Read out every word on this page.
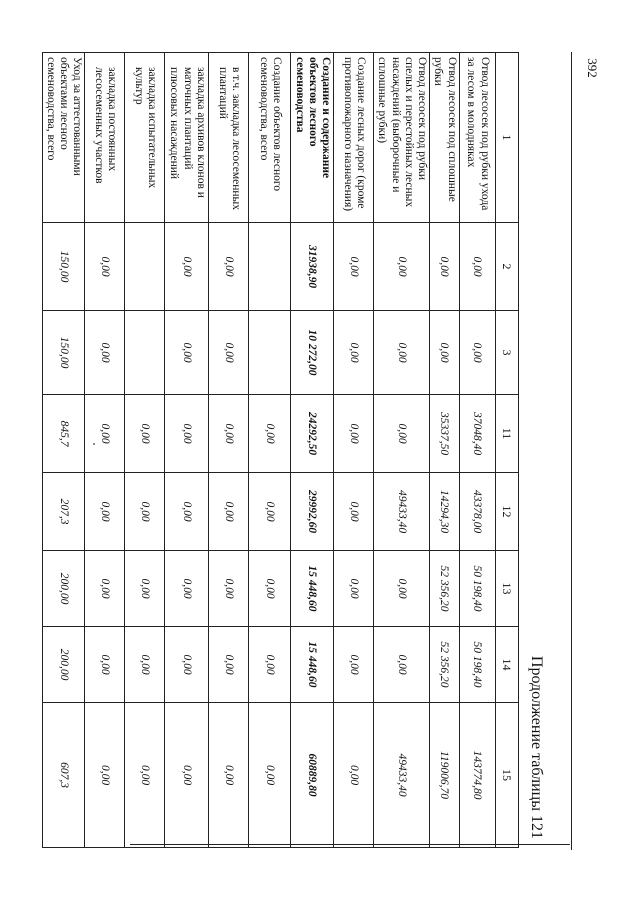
392
Продолжение таблицы 121
1	2	3	11	12	13	14	15
Отвод лесосек под рубки ухода за лесом в молодняках	0,00	0,00	37048,40	43378,00	50 198,40	50 198,40	143774,80
Отвод лесосек под сплошные рубки	0,00	0,00	35337,50	14294,30	52 356,20	52 356,20	119006,70
Отвод лесосек под рубки спелых и перестойных лесных насаждений (выборочные и сплошные рубки)	0,00	0,00	0,00	49433,40	0,00	0,00	49433,40
Создание лесных дорог (кроме противопожарного назначения)	0,00	0,00	0,00	0,00	0,00	0,00	0,00
Создание и содержание объектов лесного семеноводства	31938,90	10 272,00	24292,50	29992,60	15 448,60	15 448,60	60889,80
Создание объектов лесного семеноводства, всего			0,00	0,00	0,00	0,00	0,00
в т.ч. закладка лесосеменных плантаций	0,00	0,00	0,00	0,00	0,00	0,00	0,00
закладка архивов клонов и маточных плантаций плюсовых насаждений	0,00	0,00	0,00	0,00	0,00	0,00	0,00
закладка испытательных культур			0,00	0,00	0,00	0,00	0,00
закладка постоянных лесосеменных участков	0,00	0,00	0,00	0,00	0,00	0,00	0,00
Уход за аттестованными объектами лесного семеноводства, всего	150,00	150,00	845,7	207,3	200,00	200,00	607,3
